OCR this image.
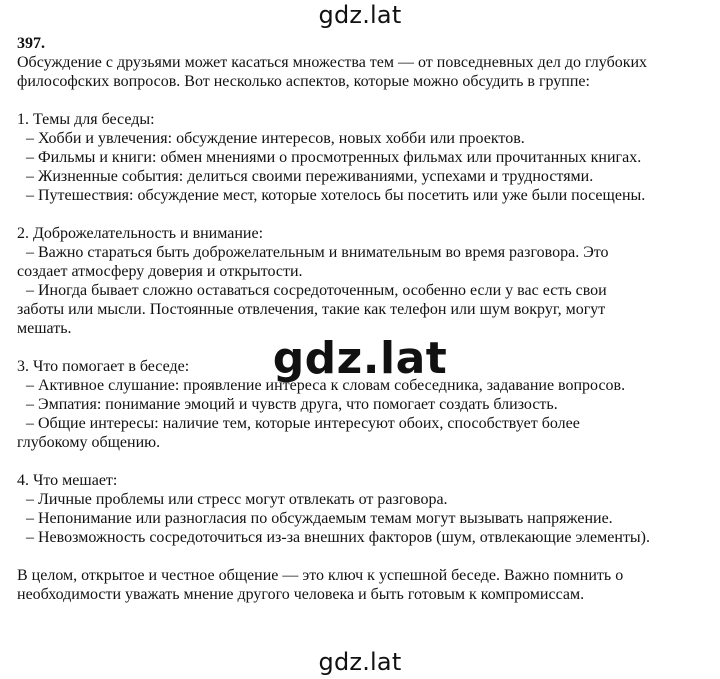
gdz.lat
gdz.lat
gdz.lat

397.

Обсуждение с друзьями может касаться множества тем — от повседневных дел до глубоких

философских вопросов. Вот несколько аспектов, которые можно обсудить в группе:

1. Темы для беседы:

– Хобби и увлечения: обсуждение интересов, новых хобби или проектов.

– Фильмы и книги: обмен мнениями о просмотренных фильмах или прочитанных книгах.

– Жизненные события: делиться своими переживаниями, успехами и трудностями.

– Путешествия: обсуждение мест, которые хотелось бы посетить или уже были посещены.

2. Доброжелательность и внимание:

– Важно стараться быть доброжелательным и внимательным во время разговора. Это

создает атмосферу доверия и открытости.

– Иногда бывает сложно оставаться сосредоточенным, особенно если у вас есть свои

заботы или мысли. Постоянные отвлечения, такие как телефон или шум вокруг, могут

мешать.

3. Что помогает в беседе:

– Активное слушание: проявление интереса к словам собеседника, задавание вопросов.

– Эмпатия: понимание эмоций и чувств друга, что помогает создать близость.

– Общие интересы: наличие тем, которые интересуют обоих, способствует более

глубокому общению.

4. Что мешает:

– Личные проблемы или стресс могут отвлекать от разговора.

– Непонимание или разногласия по обсуждаемым темам могут вызывать напряжение.

– Невозможность сосредоточиться из-за внешних факторов (шум, отвлекающие элементы).

В целом, открытое и честное общение — это ключ к успешной беседе. Важно помнить о

необходимости уважать мнение другого человека и быть готовым к компромиссам.
